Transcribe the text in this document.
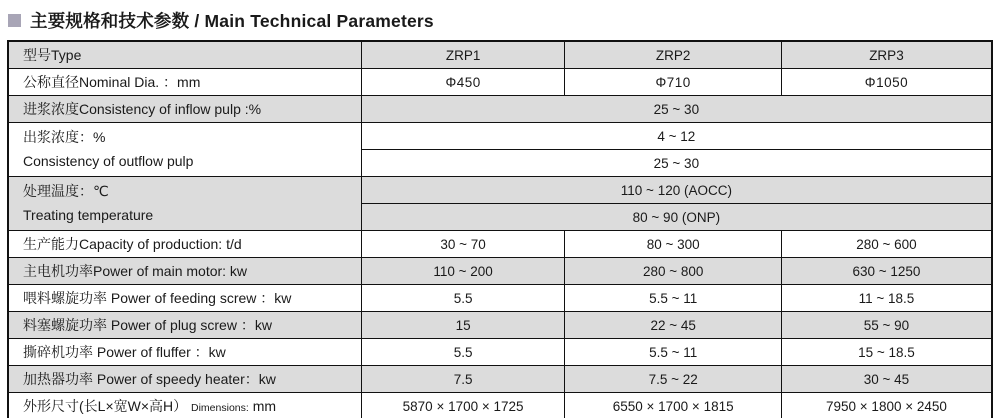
主要规格和技术参数 / Main Technical Parameters
型号Type	ZRP1	ZRP2	ZRP3
公称直径Nominal Dia. ：mm	Φ450	Φ710	Φ1050
进浆浓度Consistency of inflow pulp :%	25 ~ 30		

出浆浓度：%
Consistency of outflow pulp	4 ~ 12		
	25 ~ 30		

处理温度：℃
Treating temperature	110 ~ 120 (AOCC)		
	80 ~ 90 (ONP)		
生产能力Capacity of production: t/d	30 ~ 70	80 ~ 300	280 ~ 600
主电机功率Power of main motor: kw	110 ~ 200	280 ~ 800	630 ~ 1250
喂料螺旋功率 Power of feeding screw ：kw	5.5	5.5 ~ 11	11 ~ 18.5
料塞螺旋功率 Power of plug screw ：kw	15	22 ~ 45	55 ~ 90
撕碎机功率 Power of fluffer ：kw	5.5	5.5 ~ 11	15 ~ 18.5
加热器功率 Power of speedy heater：kw	7.5	7.5 ~ 22	30 ~ 45
外形尺寸(长L×宽W×高H） Dimensions: mm	5870 × 1700 × 1725	6550 × 1700 × 1815	7950 × 1800 × 2450
